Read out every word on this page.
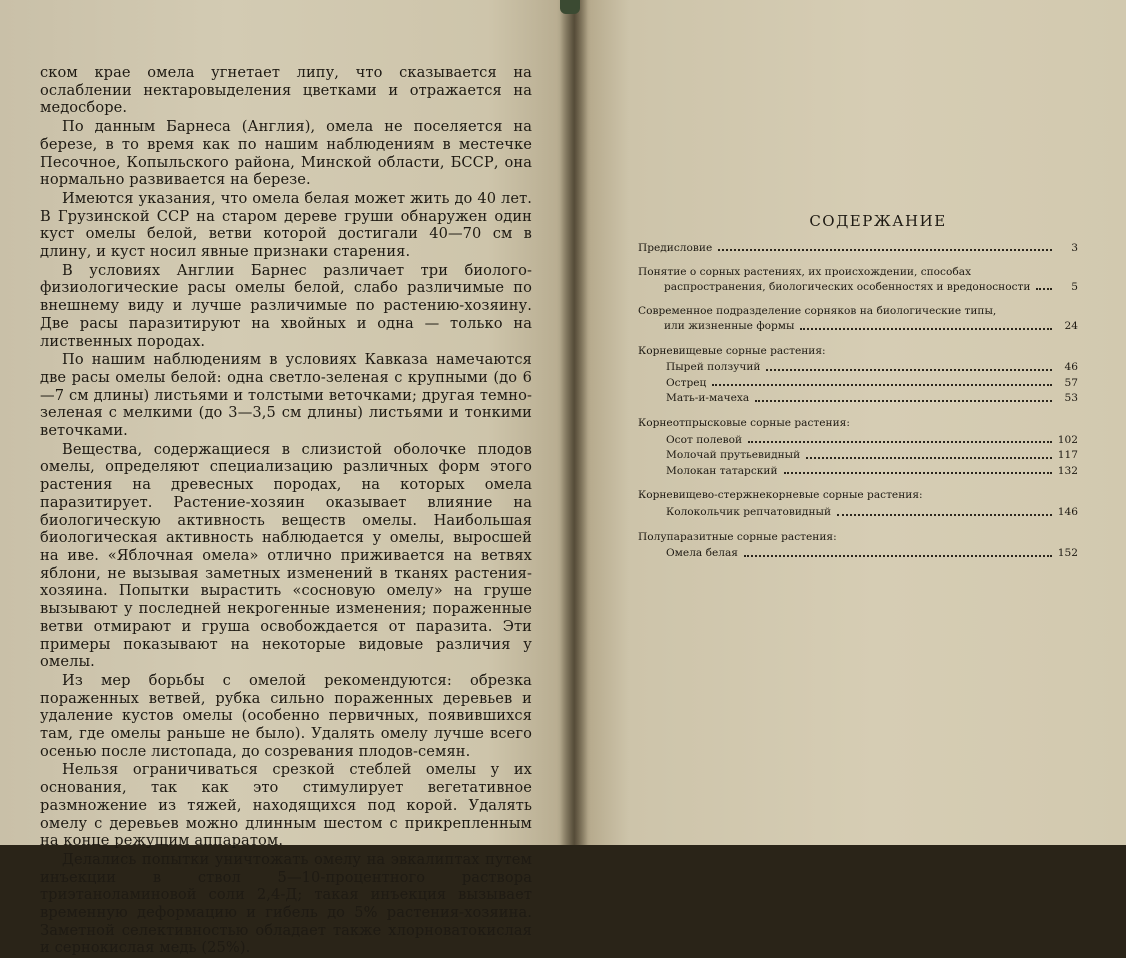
ском крае омела угнетает липу, что сказывается на ослаблении нектаровыделения цветками и отражается на медосборе.

По данным Барнеса (Англия), омела не поселяется на березе, в то время как по нашим наблюдениям в местечке Песочное, Копыльского района, Минской области, БССР, она нормально развивается на березе.

Имеются указания, что омела белая может жить до 40 лет. В Грузинской ССР на старом дереве груши обнаружен один куст омелы белой, ветви которой достигали 40—70 см в длину, и куст носил явные признаки старения.

В условиях Англии Барнес различает три биолого-физиологические расы омелы белой, слабо различимые по внешнему виду и лучше различимые по растению-хозяину. Две расы паразитируют на хвойных и одна — только на лиственных породах.

По нашим наблюдениям в условиях Кавказа намечаются две расы омелы белой: одна светло-зеленая с крупными (до 6—7 см длины) листьями и толстыми веточками; другая темно-зеленая с мелкими (до 3—3,5 см длины) листьями и тонкими веточками.

Вещества, содержащиеся в слизистой оболочке плодов омелы, определяют специализацию различных форм этого растения на древесных породах, на которых омела паразитирует. Растение-хозяин оказывает влияние на биологическую активность веществ омелы. Наибольшая биологическая активность наблюдается у омелы, выросшей на иве. «Яблочная омела» отлично приживается на ветвях яблони, не вызывая заметных изменений в тканях растения-хозяина. Попытки вырастить «сосновую омелу» на груше вызывают у последней некрогенные изменения; пораженные ветви отмирают и груша освобождается от паразита. Эти примеры показывают на некоторые видовые различия у омелы.

Из мер борьбы с омелой рекомендуются: обрезка пораженных ветвей, рубка сильно пораженных деревьев и удаление кустов омелы (особенно первичных, появившихся там, где омелы раньше не было). Удалять омелу лучше всего осенью после листопада, до созревания плодов-семян.

Нельзя ограничиваться срезкой стеблей омелы у их основания, так как это стимулирует вегетативное размножение из тяжей, находящихся под корой. Удалять омелу с деревьев можно длинным шестом с прикрепленным на конце режущим аппаратом.

Делались попытки уничтожать омелу на эвкалиптах путем инъекции в ствол 5—10-процентного раствора триэтаноламиновой соли 2,4-Д; такая инъекция вызывает временную деформацию и гибель до 5% растения-хозяина. Заметной селективностью обладает также хлорноватокислая и сернокислая медь (25%).

СОДЕРЖАНИЕ
Предисловие	3
Понятие о сорных растениях, их происхождении, способах
распространения, биологических особенностях и вредоносности	5
Современное подразделение сорняков на биологические типы,
или жизненные формы	24
Корневищевые сорные растения:
Пырей ползучий	46
Острец	57
Мать-и-мачеха	53
Корнеотпрысковые сорные растения:
Осот полевой	102
Молочай прутьевидный	117
Молокан татарский	132
Корневищево-стержнекорневые сорные растения:
Колокольчик репчатовидный	146
Полупаразитные сорные растения:
Омела белая	152
